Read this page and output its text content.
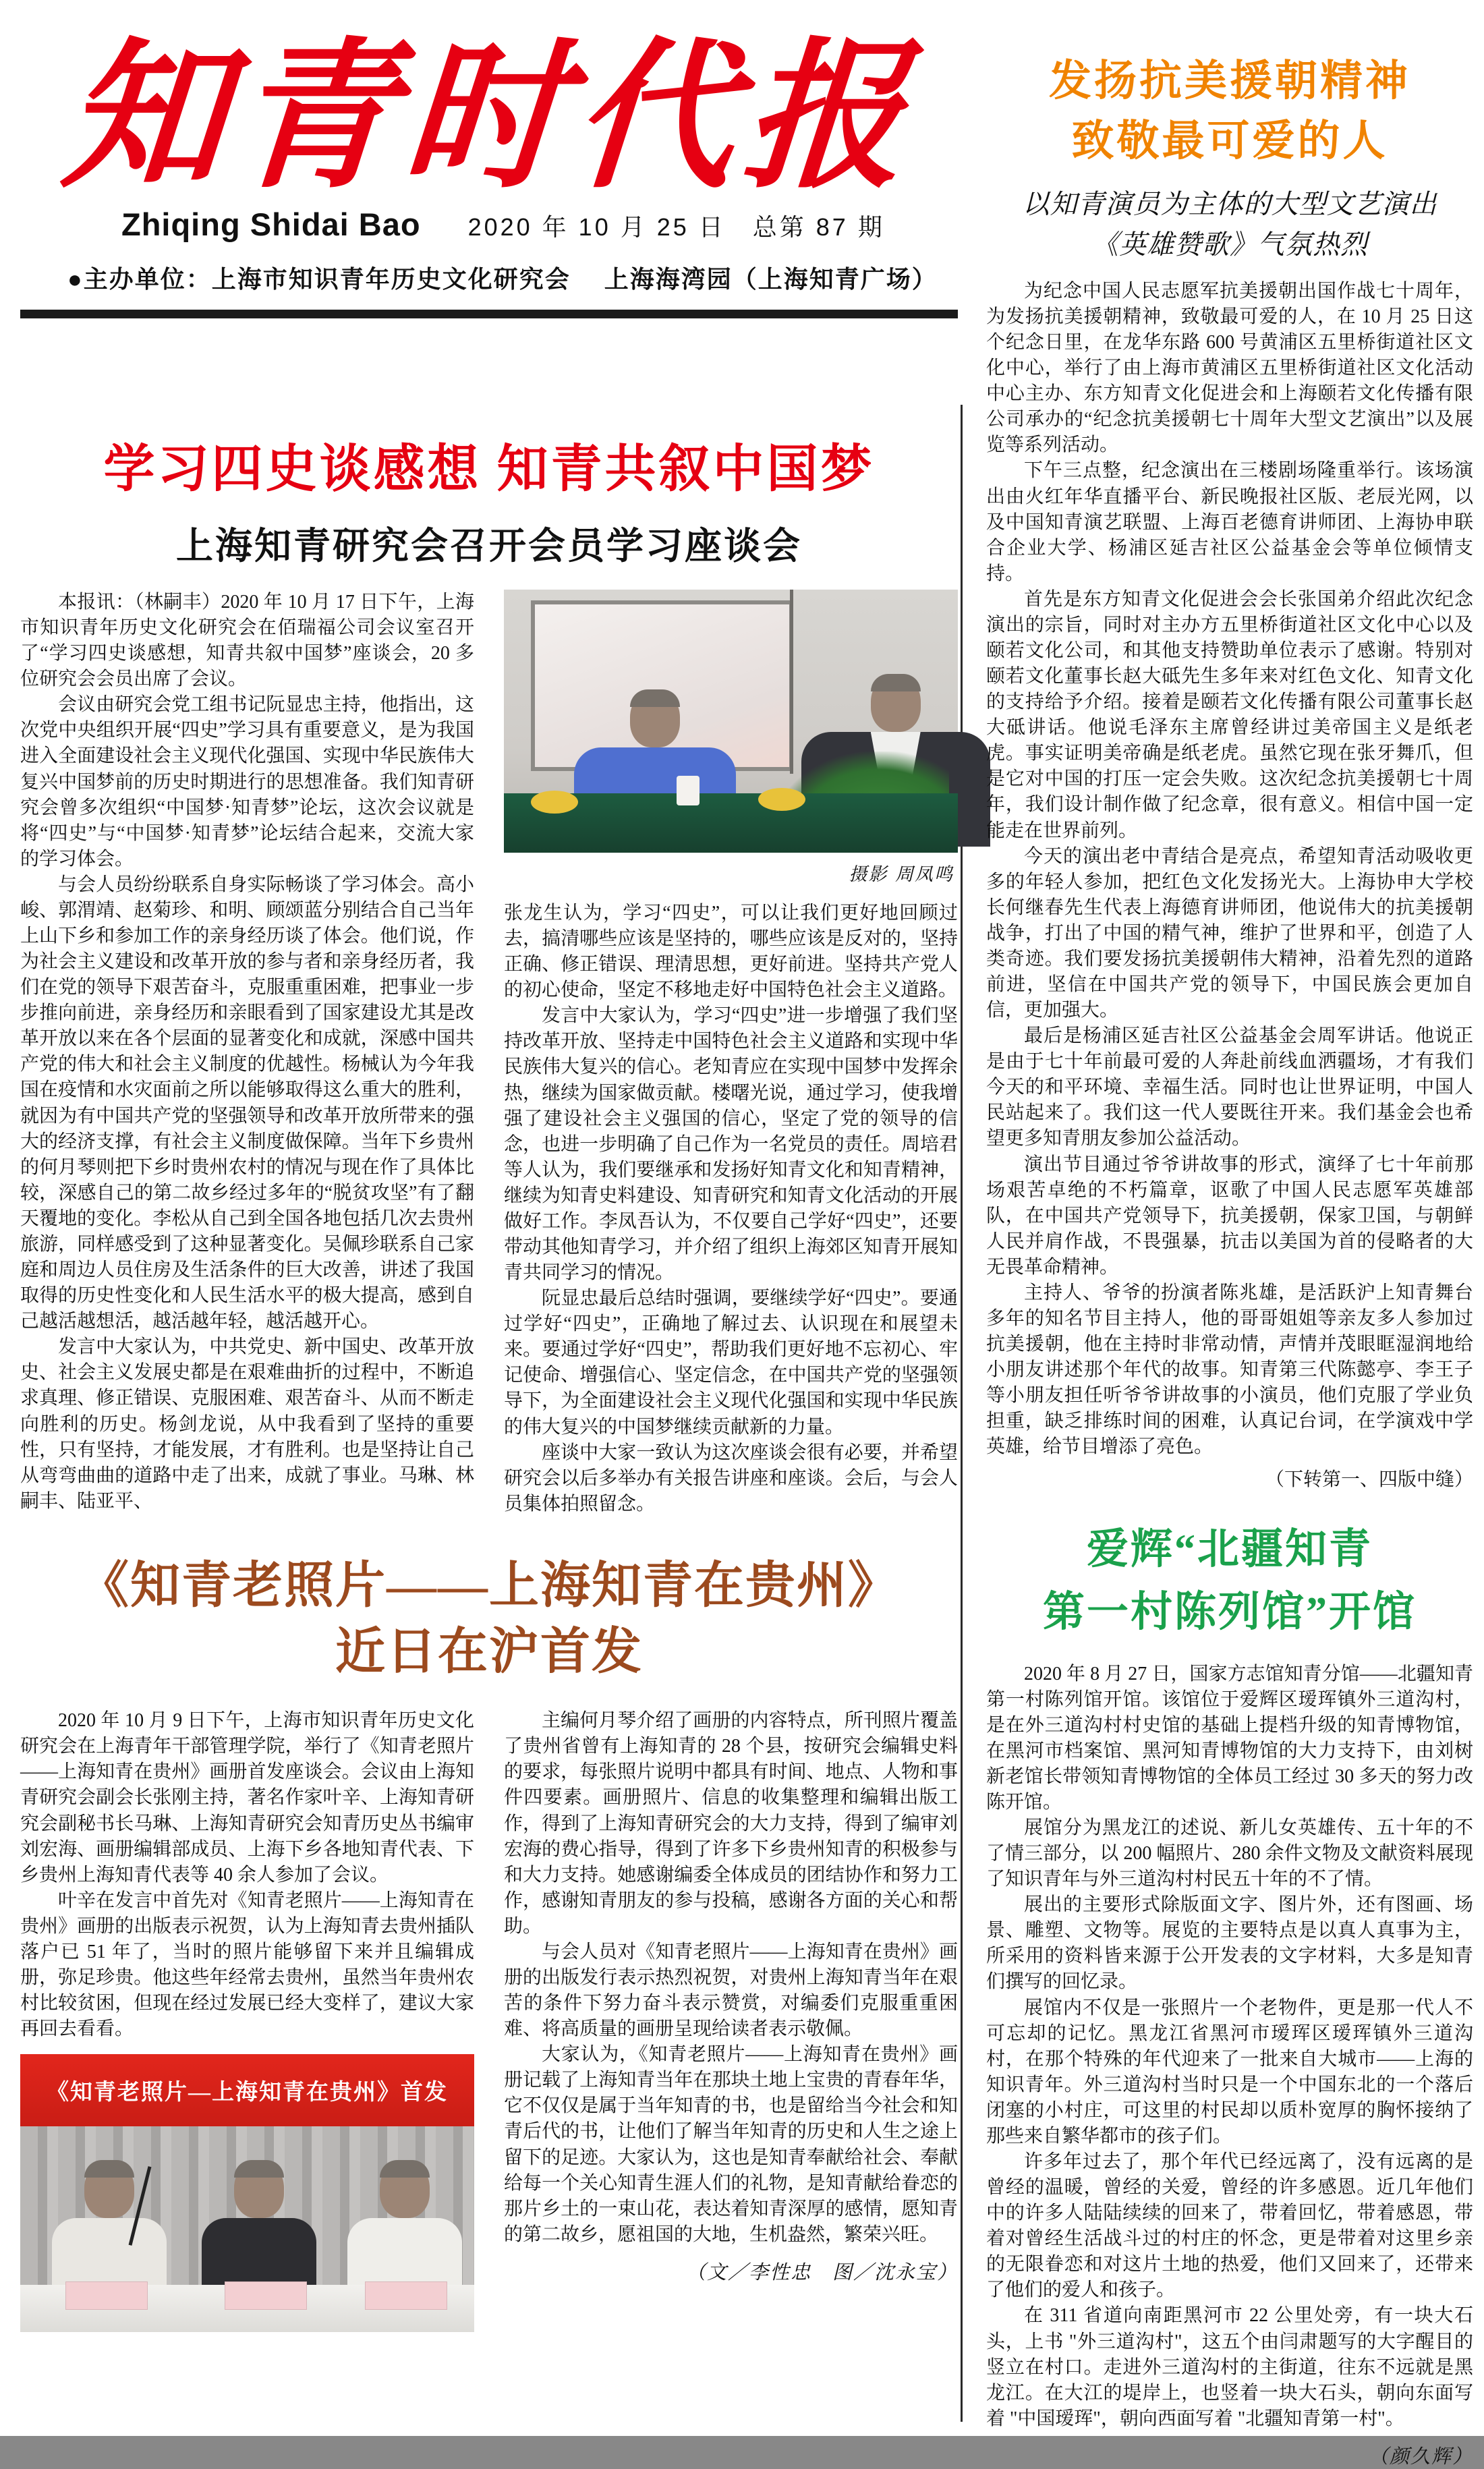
知青时代报
Zhiqing Shidai Bao 2020 年 10 月 25 日　总第 87 期
●主办单位：上海市知识青年历史文化研究会　 上海海湾园（上海知青广场）
学习四史谈感想 知青共叙中国梦
上海知青研究会召开会员学习座谈会

本报讯：（林嗣丰）2020 年 10 月 17 日下午，上海市知识青年历史文化研究会在佰瑞福公司会议室召开了“学习四史谈感想，知青共叙中国梦”座谈会，20 多位研究会会员出席了会议。

会议由研究会党工组书记阮显忠主持，他指出，这次党中央组织开展“四史”学习具有重要意义，是为我国进入全面建设社会主义现代化强国、实现中华民族伟大复兴中国梦前的历史时期进行的思想准备。我们知青研究会曾多次组织“中国梦·知青梦”论坛，这次会议就是将“四史”与“中国梦·知青梦”论坛结合起来，交流大家的学习体会。

与会人员纷纷联系自身实际畅谈了学习体会。高小峻、郭渭靖、赵菊珍、和明、顾颂蓝分别结合自己当年上山下乡和参加工作的亲身经历谈了体会。他们说，作为社会主义建设和改革开放的参与者和亲身经历者，我们在党的领导下艰苦奋斗，克服重重困难，把事业一步步推向前进，亲身经历和亲眼看到了国家建设尤其是改革开放以来在各个层面的显著变化和成就，深感中国共产党的伟大和社会主义制度的优越性。杨械认为今年我国在疫情和水灾面前之所以能够取得这么重大的胜利，就因为有中国共产党的坚强领导和改革开放所带来的强大的经济支撑，有社会主义制度做保障。当年下乡贵州的何月琴则把下乡时贵州农村的情况与现在作了具体比较，深感自己的第二故乡经过多年的“脱贫攻坚”有了翻天覆地的变化。李松从自己到全国各地包括几次去贵州旅游，同样感受到了这种显著变化。吴佩珍联系自己家庭和周边人员住房及生活条件的巨大改善，讲述了我国取得的历史性变化和人民生活水平的极大提高，感到自己越活越想活，越活越年轻，越活越开心。

发言中大家认为，中共党史、新中国史、改革开放史、社会主义发展史都是在艰难曲折的过程中，不断追求真理、修正错误、克服困难、艰苦奋斗、从而不断走向胜利的历史。杨剑龙说，从中我看到了坚持的重要性，只有坚持，才能发展，才有胜利。也是坚持让自己从弯弯曲曲的道路中走了出来，成就了事业。马琳、林嗣丰、陆亚平、

摄影 周凤鸣

张龙生认为，学习“四史”，可以让我们更好地回顾过去，搞清哪些应该是坚持的，哪些应该是反对的，坚持正确、修正错误、理清思想，更好前进。坚持共产党人的初心使命，坚定不移地走好中国特色社会主义道路。

发言中大家认为，学习“四史”进一步增强了我们坚持改革开放、坚持走中国特色社会主义道路和实现中华民族伟大复兴的信心。老知青应在实现中国梦中发挥余热，继续为国家做贡献。楼曙光说，通过学习，使我增强了建设社会主义强国的信心，坚定了党的领导的信念，也进一步明确了自己作为一名党员的责任。周培君等人认为，我们要继承和发扬好知青文化和知青精神，继续为知青史料建设、知青研究和知青文化活动的开展做好工作。李凤吾认为，不仅要自己学好“四史”，还要带动其他知青学习，并介绍了组织上海郊区知青开展知青共同学习的情况。

阮显忠最后总结时强调，要继续学好“四史”。要通过学好“四史”，正确地了解过去、认识现在和展望未来。要通过学好“四史”，帮助我们更好地不忘初心、牢记使命、增强信心、坚定信念，在中国共产党的坚强领导下，为全面建设社会主义现代化强国和实现中华民族的伟大复兴的中国梦继续贡献新的力量。

座谈中大家一致认为这次座谈会很有必要，并希望研究会以后多举办有关报告讲座和座谈。会后，与会人员集体拍照留念。

《知青老照片——上海知青在贵州》
近日在沪首发

2020 年 10 月 9 日下午，上海市知识青年历史文化研究会在上海青年干部管理学院，举行了《知青老照片——上海知青在贵州》画册首发座谈会。会议由上海知青研究会副会长张刚主持，著名作家叶辛、上海知青研究会副秘书长马琳、上海知青研究会知青历史丛书编审刘宏海、画册编辑部成员、上海下乡各地知青代表、下乡贵州上海知青代表等 40 余人参加了会议。

叶辛在发言中首先对《知青老照片——上海知青在贵州》画册的出版表示祝贺，认为上海知青去贵州插队落户已 51 年了，当时的照片能够留下来并且编辑成册，弥足珍贵。他这些年经常去贵州，虽然当年贵州农村比较贫困，但现在经过发展已经大变样了，建议大家再回去看看。

《知青老照片—上海知青在贵州》首发

主编何月琴介绍了画册的内容特点，所刊照片覆盖了贵州省曾有上海知青的 28 个县，按研究会编辑史料的要求，每张照片说明中都具有时间、地点、人物和事件四要素。画册照片、信息的收集整理和编辑出版工作，得到了上海知青研究会的大力支持，得到了编审刘宏海的费心指导，得到了许多下乡贵州知青的积极参与和大力支持。她感谢编委全体成员的团结协作和努力工作，感谢知青朋友的参与投稿，感谢各方面的关心和帮助。

与会人员对《知青老照片——上海知青在贵州》画册的出版发行表示热烈祝贺，对贵州上海知青当年在艰苦的条件下努力奋斗表示赞赏，对编委们克服重重困难、将高质量的画册呈现给读者表示敬佩。

大家认为，《知青老照片——上海知青在贵州》画册记载了上海知青当年在那块土地上宝贵的青春年华，它不仅仅是属于当年知青的书，也是留给当今社会和知青后代的书，让他们了解当年知青的历史和人生之途上留下的足迹。大家认为，这也是知青奉献给社会、奉献给每一个关心知青生涯人们的礼物，是知青献给眷恋的那片乡土的一束山花，表达着知青深厚的感情，愿知青的第二故乡，愿祖国的大地，生机盎然，繁荣兴旺。

（文／李性忠　图／沈永宝）
发扬抗美援朝精神
致敬最可爱的人
以知青演员为主体的大型文艺演出
《英雄赞歌》气氛热烈

为纪念中国人民志愿军抗美援朝出国作战七十周年，为发扬抗美援朝精神，致敬最可爱的人，在 10 月 25 日这个纪念日里，在龙华东路 600 号黄浦区五里桥街道社区文化中心，举行了由上海市黄浦区五里桥街道社区文化活动中心主办、东方知青文化促进会和上海颐若文化传播有限公司承办的“纪念抗美援朝七十周年大型文艺演出”以及展览等系列活动。

下午三点整，纪念演出在三楼剧场隆重举行。该场演出由火红年华直播平台、新民晚报社区版、老辰光网，以及中国知青演艺联盟、上海百老德育讲师团、上海协申联合企业大学、杨浦区延吉社区公益基金会等单位倾情支持。

首先是东方知青文化促进会会长张国弟介绍此次纪念演出的宗旨，同时对主办方五里桥街道社区文化中心以及颐若文化公司，和其他支持赞助单位表示了感谢。特别对颐若文化董事长赵大砥先生多年来对红色文化、知青文化的支持给予介绍。接着是颐若文化传播有限公司董事长赵大砥讲话。他说毛泽东主席曾经讲过美帝国主义是纸老虎。事实证明美帝确是纸老虎。虽然它现在张牙舞爪，但是它对中国的打压一定会失败。这次纪念抗美援朝七十周年，我们设计制作做了纪念章，很有意义。相信中国一定能走在世界前列。

今天的演出老中青结合是亮点，希望知青活动吸收更多的年轻人参加，把红色文化发扬光大。上海协申大学校长何继春先生代表上海德育讲师团，他说伟大的抗美援朝战争，打出了中国的精气神，维护了世界和平，创造了人类奇迹。我们要发扬抗美援朝伟大精神，沿着先烈的道路前进，坚信在中国共产党的领导下，中国民族会更加自信，更加强大。

最后是杨浦区延吉社区公益基金会周军讲话。他说正是由于七十年前最可爱的人奔赴前线血洒疆场，才有我们今天的和平环境、幸福生活。同时也让世界证明，中国人民站起来了。我们这一代人要既往开来。我们基金会也希望更多知青朋友参加公益活动。

演出节目通过爷爷讲故事的形式，演绎了七十年前那场艰苦卓绝的不朽篇章，讴歌了中国人民志愿军英雄部队，在中国共产党领导下，抗美援朝，保家卫国，与朝鲜人民并肩作战，不畏强暴，抗击以美国为首的侵略者的大无畏革命精神。

主持人、爷爷的扮演者陈兆雄，是活跃沪上知青舞台多年的知名节目主持人，他的哥哥姐姐等亲友多人参加过抗美援朝，他在主持时非常动情，声情并茂眼眶湿润地给小朋友讲述那个年代的故事。知青第三代陈懿亭、李王子等小朋友担任听爷爷讲故事的小演员，他们克服了学业负担重，缺乏排练时间的困难，认真记台词，在学演戏中学英雄，给节目增添了亮色。

（下转第一、四版中缝）
爱辉“北疆知青
第一村陈列馆”开馆

2020 年 8 月 27 日，国家方志馆知青分馆——北疆知青第一村陈列馆开馆。该馆位于爱辉区瑷珲镇外三道沟村，是在外三道沟村村史馆的基础上提档升级的知青博物馆，在黑河市档案馆、黑河知青博物馆的大力支持下，由刘树新老馆长带领知青博物馆的全体员工经过 30 多天的努力改陈开馆。

展馆分为黑龙江的述说、新儿女英雄传、五十年的不了情三部分，以 200 幅照片、280 余件文物及文献资料展现了知识青年与外三道沟村村民五十年的不了情。

展出的主要形式除版面文字、图片外，还有图画、场景、雕塑、文物等。展览的主要特点是以真人真事为主，所采用的资料皆来源于公开发表的文字材料，大多是知青们撰写的回忆录。

展馆内不仅是一张照片一个老物件，更是那一代人不可忘却的记忆。黑龙江省黑河市瑷珲区瑷珲镇外三道沟村，在那个特殊的年代迎来了一批来自大城市——上海的知识青年。外三道沟村当时只是一个中国东北的一个落后闭塞的小村庄，可这里的村民却以质朴宽厚的胸怀接纳了那些来自繁华都市的孩子们。

许多年过去了，那个年代已经远离了，没有远离的是曾经的温暖，曾经的关爱，曾经的许多感恩。近几年他们中的许多人陆陆续续的回来了，带着回忆，带着感恩，带着对曾经生活战斗过的村庄的怀念，更是带着对这里乡亲的无限眷恋和对这片土地的热爱，他们又回来了，还带来了他们的爱人和孩子。

在 311 省道向南距黑河市 22 公里处旁，有一块大石头，上书 "外三道沟村"，这五个由闫肃题写的大字醒目的竖立在村口。走进外三道沟村的主街道，往东不远就是黑龙江。在大江的堤岸上，也竖着一块大石头，朝向东面写着 "中国瑷珲"，朝向西面写着 "北疆知青第一村"。

（颜久辉）
